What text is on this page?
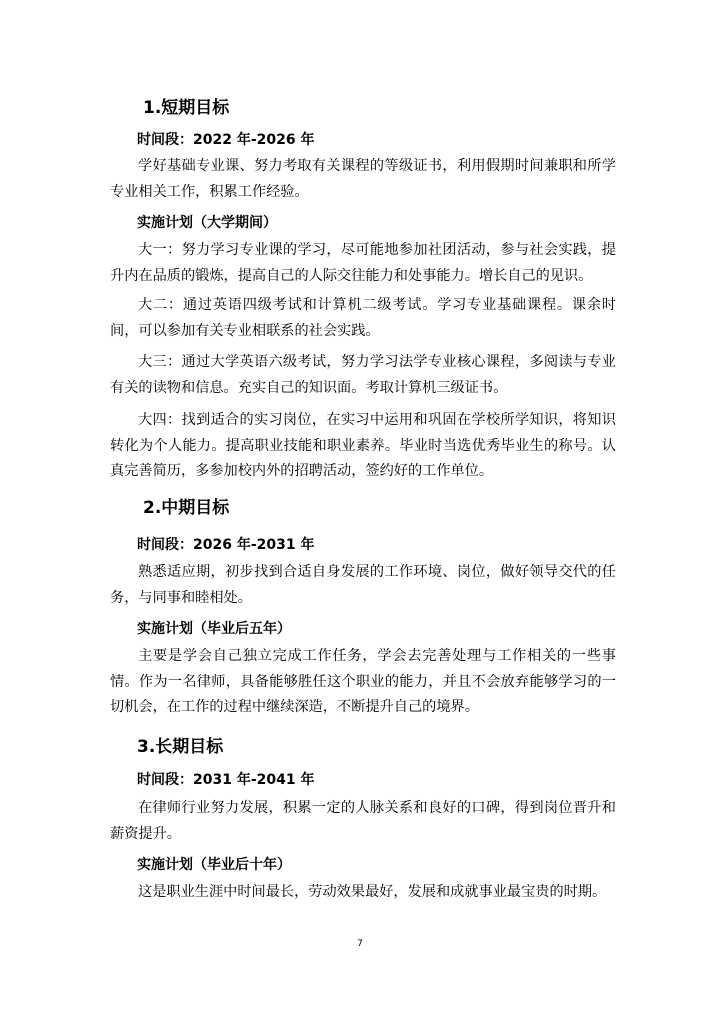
1.短期目标
时间段：2022 年-2026 年

学好基础专业课、努力考取有关课程的等级证书，利用假期时间兼职和所学专业相关工作，积累工作经验。

实施计划（大学期间）

大一：努力学习专业课的学习，尽可能地参加社团活动，参与社会实践，提升内在品质的锻炼，提高自己的人际交往能力和处事能力。增长自己的见识。

大二：通过英语四级考试和计算机二级考试。学习专业基础课程。课余时间，可以参加有关专业相联系的社会实践。

大三：通过大学英语六级考试，努力学习法学专业核心课程，多阅读与专业有关的读物和信息。充实自己的知识面。考取计算机三级证书。

大四：找到适合的实习岗位，在实习中运用和巩固在学校所学知识，将知识转化为个人能力。提高职业技能和职业素养。毕业时当选优秀毕业生的称号。认真完善简历，多参加校内外的招聘活动，签约好的工作单位。

2.中期目标
时间段：2026 年-2031 年

熟悉适应期，初步找到合适自身发展的工作环境、岗位，做好领导交代的任务，与同事和睦相处。

实施计划（毕业后五年）

主要是学会自己独立完成工作任务，学会去完善处理与工作相关的一些事情。作为一名律师，具备能够胜任这个职业的能力，并且不会放弃能够学习的一切机会，在工作的过程中继续深造，不断提升自己的境界。

3.长期目标
时间段：2031 年-2041 年

在律师行业努力发展，积累一定的人脉关系和良好的口碑，得到岗位晋升和薪资提升。

实施计划（毕业后十年）

这是职业生涯中时间最长，劳动效果最好，发展和成就事业最宝贵的时期。

7
